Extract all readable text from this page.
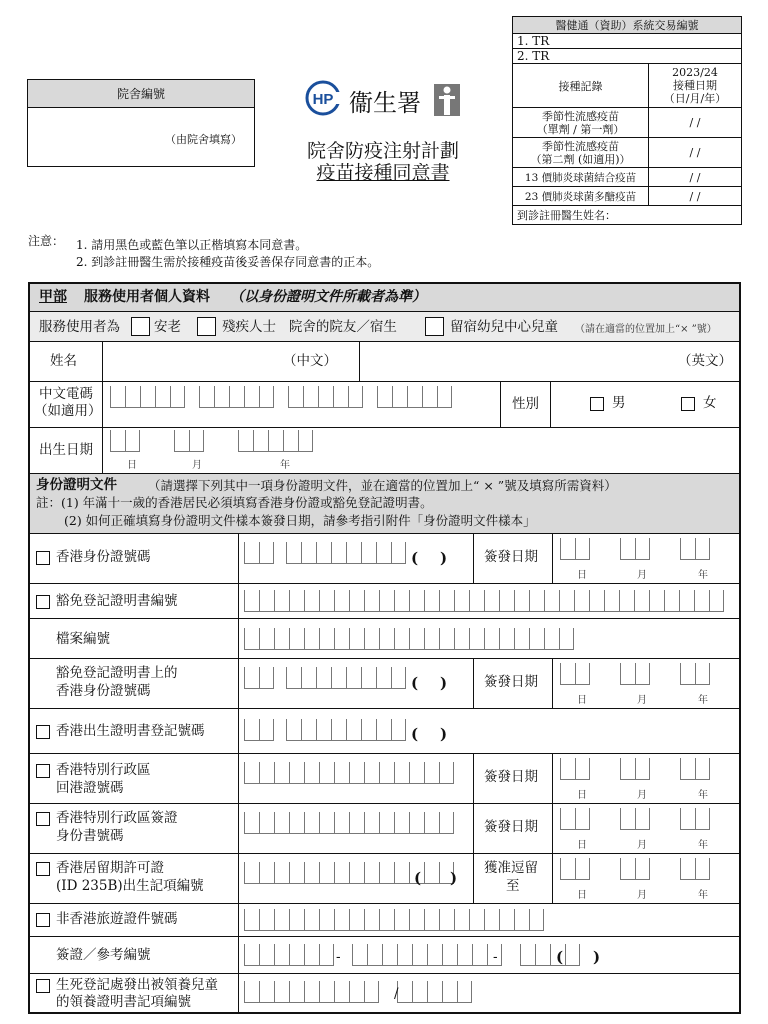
院舍編號
（由院舍填寫）
HP 衞生署
院舍防疫注射計劃
疫苗接種同意書
醫健通（資助）系統交易編號	
1. TR	
2. TR	
接種記錄	2023/24
接種日期
（日/月/年）

季節性流感疫苗
（單劑 / 第一劑）	/ /

季節性流感疫苗
（第二劑 (如適用)）	/ /
13 價肺炎球菌結合疫苗	/ /
23 價肺炎球菌多醣疫苗	/ /
到診註冊醫生姓名：	
注意： 1. 請用黑色或藍色筆以正楷填寫本同意書。
2. 到診註冊醫生需於接種疫苗後妥善保存同意書的正本。
甲部 服務使用者個人資料 （以身份證明文件所載者為準）
服務使用者為	安老	殘疾人士   院舍的院友／宿生	留宿幼兒中心兒童 （請在適當的位置加上“× ”號）
姓名	（中文）	（英文）
中文電碼
（如適用）	性別	男	女
出生日期
日	月	年
身份證明文件 （請選擇下列其中一項身份證明文件，並在適當的位置加上“ × ”號及填寫所需資料）
註：(1) 年滿十一歲的香港居民必須填寫香港身份證或豁免登記證明書。
(2) 如何正確填寫身份證明文件樣本簽發日期，請參考指引附件「身份證明文件樣本」
香港身份證號碼	( )	簽發日期
日	月	年
豁免登記證明書編號
檔案編號
豁免登記證明書上的
香港身份證號碼	( )	簽發日期
日	月	年
香港出生證明書登記號碼	( )
香港特別行政區
回港證號碼
簽發日期
日	月	年
香港特別行政區簽證
身份書號碼
簽發日期
日	月	年
香港居留期許可證
(ID 235B)出生記項編號	( )
獲准逗留
至
日	月	年
非香港旅遊證件號碼
簽證／參考編號	-	-	( )
生死登記處發出被領養兒童
的領養證明書記項編號	/
